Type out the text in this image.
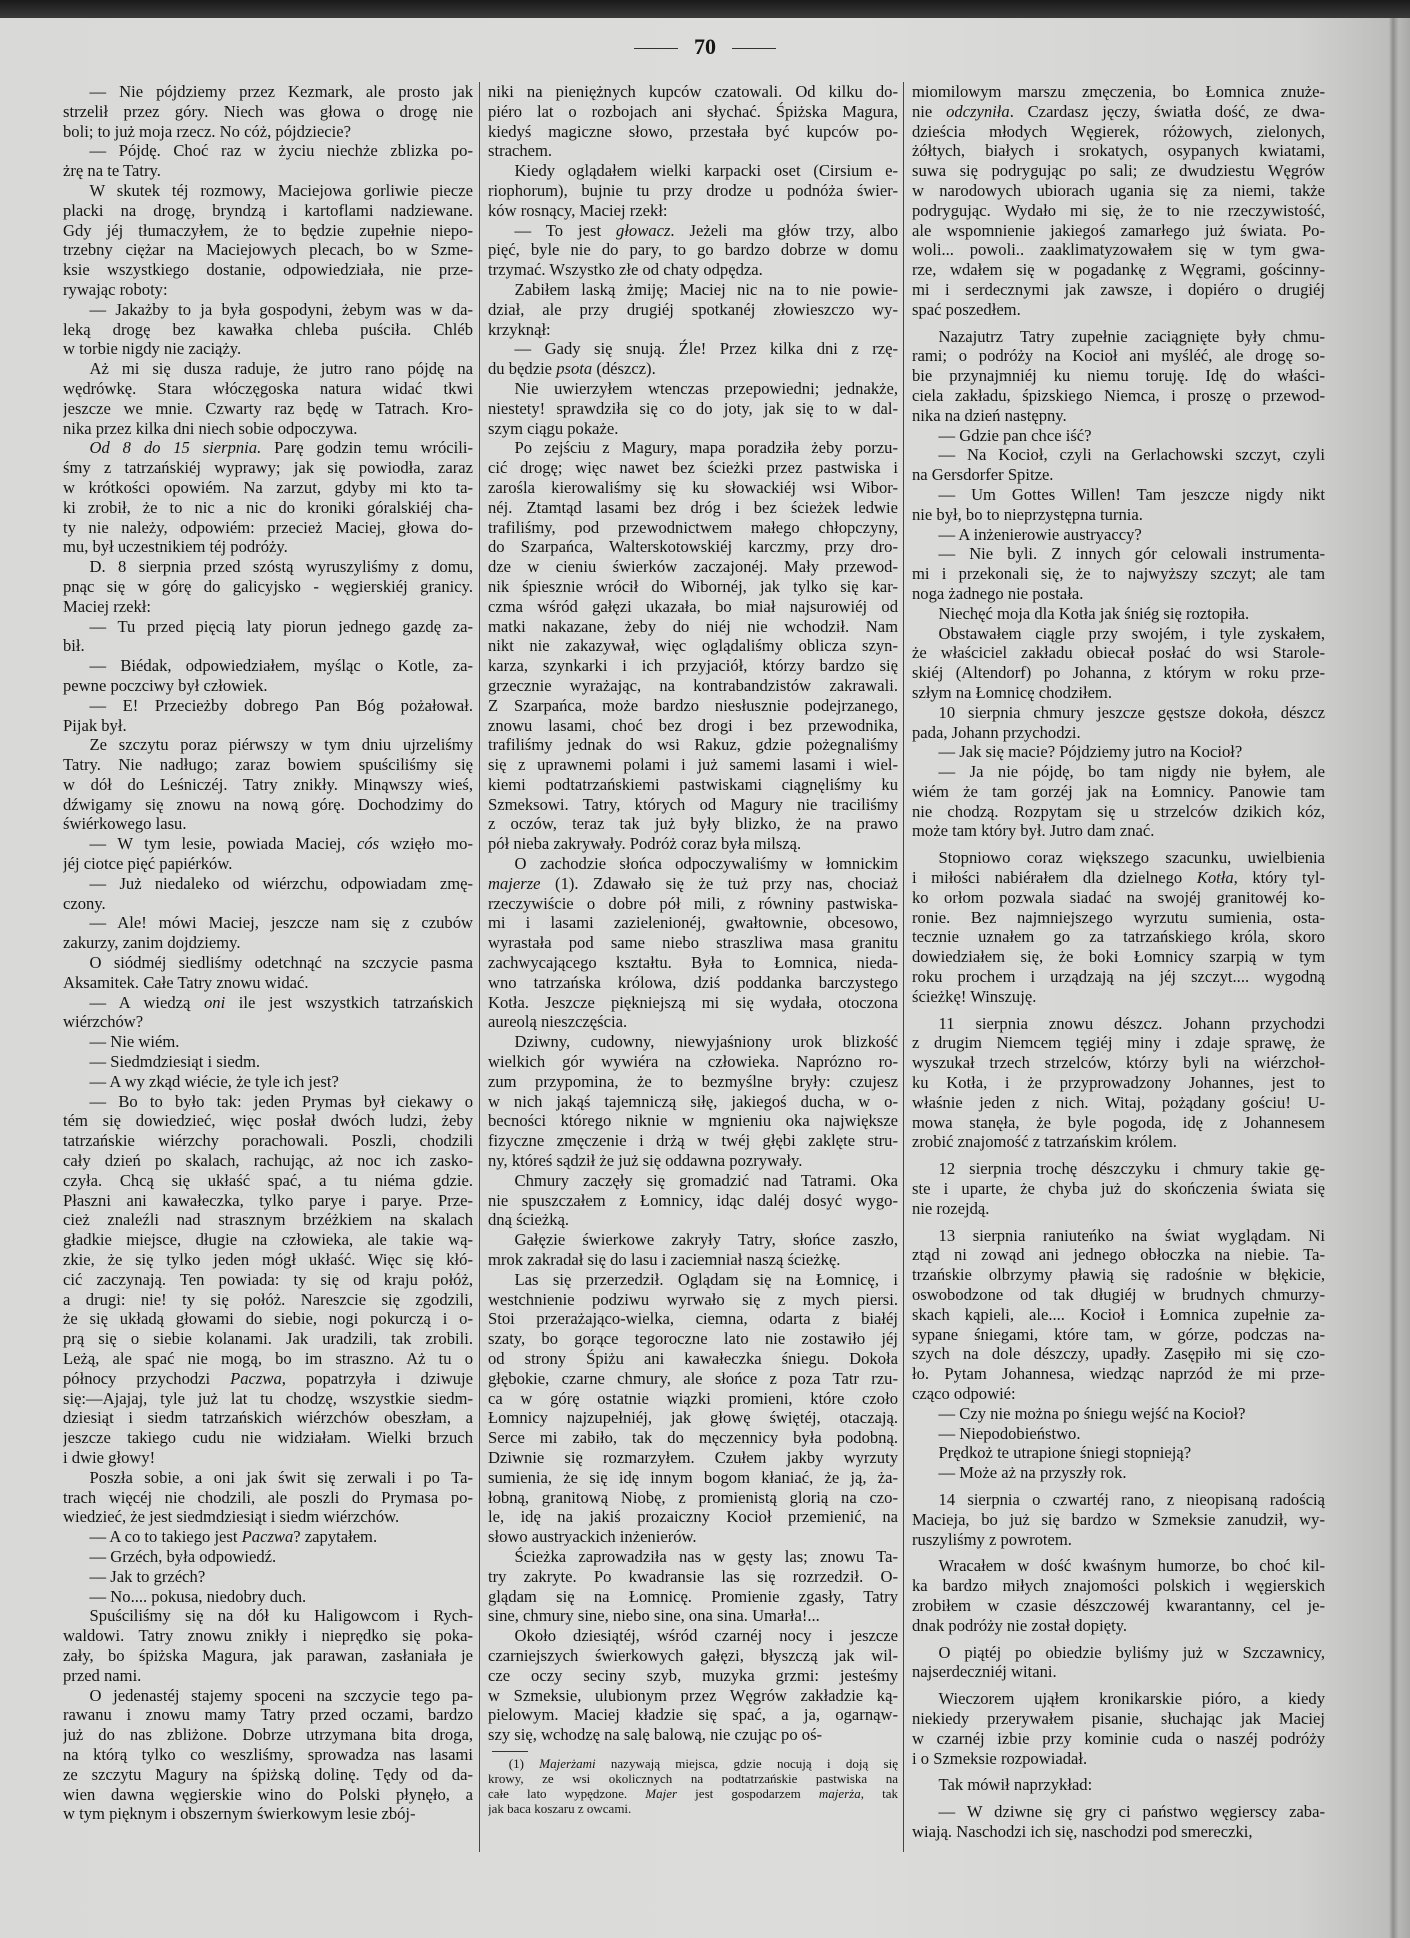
70
— Nie pójdziemy przez Kezmark, ale prosto jak
strzelił przez góry. Niech was głowa o drogę nie
boli; to już moja rzecz. No cóż, pójdziecie?
— Pójdę. Choć raz w życiu niechże zblizka po-
żrę na te Tatry.
W skutek téj rozmowy, Maciejowa gorliwie piecze
placki na drogę, bryndzą i kartoflami nadziewane.
Gdy jéj tłumaczyłem, że to będzie zupełnie niepo-
trzebny ciężar na Maciejowych plecach, bo w Szme-
ksie wszystkiego dostanie, odpowiedziała, nie prze-
rywając roboty:
— Jakażby to ja była gospodyni, żebym was w da-
leką drogę bez kawałka chleba puściła. Chléb
w torbie nigdy nie zaciąży.
Aż mi się dusza raduje, że jutro rano pójdę na
wędrówkę. Stara włóczęgoska natura widać tkwi
jeszcze we mnie. Czwarty raz będę w Tatrach. Kro-
nika przez kilka dni niech sobie odpoczywa.
Od 8 do 15 sierpnia. Parę godzin temu wrócili-
śmy z tatrzańskiéj wyprawy; jak się powiodła, zaraz
w krótkości opowiém. Na zarzut, gdyby mi kto ta-
ki zrobił, że to nic a nic do kroniki góralskiéj cha-
ty nie należy, odpowiém: przecież Maciej, głowa do-
mu, był uczestnikiem téj podróży.
D. 8 sierpnia przed szóstą wyruszyliśmy z domu,
pnąc się w górę do galicyjsko - węgierskiéj granicy.
Maciej rzekł:
— Tu przed pięcią laty piorun jednego gazdę za-
bił.
— Biédak, odpowiedziałem, myśląc o Kotle, za-
pewne poczciwy był człowiek.
— E! Przecieżby dobrego Pan Bóg pożałował.
Pijak był.
Ze szczytu poraz piérwszy w tym dniu ujrzeliśmy
Tatry. Nie nadługo; zaraz bowiem spuściliśmy się
w dół do Leśniczéj. Tatry znikły. Minąwszy wieś,
dźwigamy się znowu na nową górę. Dochodzimy do
świérkowego lasu.
— W tym lesie, powiada Maciej, cós wzięło mo-
jéj ciotce pięć papiérków.
— Już niedaleko od wiérzchu, odpowiadam zmę-
czony.
— Ale! mówi Maciej, jeszcze nam się z czubów
zakurzy, zanim dojdziemy.
O siódméj siedliśmy odetchnąć na szczycie pasma
Aksamitek. Całe Tatry znowu widać.
— A wiedzą oni ile jest wszystkich tatrzańskich
wiérzchów?
— Nie wiém.
— Siedmdziesiąt i siedm.
— A wy zkąd wiécie, że tyle ich jest?
— Bo to było tak: jeden Prymas był ciekawy o
tém się dowiedzieć, więc posłał dwóch ludzi, żeby
tatrzańskie wiérzchy porachowali. Poszli, chodzili
cały dzień po skalach, rachując, aż noc ich zasko-
czyła. Chcą się ukłaść spać, a tu niéma gdzie.
Płaszni ani kawałeczka, tylko parye i parye. Prze-
cież znaleźli nad strasznym brzéżkiem na skalach
gładkie miejsce, długie na człowieka, ale takie wą-
zkie, że się tylko jeden mógł ukłaść. Więc się kłó-
cić zaczynają. Ten powiada: ty się od kraju połóż,
a drugi: nie! ty się połóż. Nareszcie się zgodzili,
że się układą głowami do siebie, nogi pokurczą i o-
prą się o siebie kolanami. Jak uradzili, tak zrobili.
Leżą, ale spać nie mogą, bo im straszno. Aż tu o
północy przychodzi Paczwa, popatrzyła i dziwuje
się:—Ajajaj, tyle już lat tu chodzę, wszystkie siedm-
dziesiąt i siedm tatrzańskich wiérzchów obeszłam, a
jeszcze takiego cudu nie widziałam. Wielki brzuch
i dwie głowy!
Poszła sobie, a oni jak świt się zerwali i po Ta-
trach więcéj nie chodzili, ale poszli do Prymasa po-
wiedzieć, że jest siedmdziesiąt i siedm wiérzchów.
— A co to takiego jest Paczwa? zapytałem.
— Grzéch, była odpowiedź.
— Jak to grzéch?
— No.... pokusa, niedobry duch.
Spuściliśmy się na dół ku Haligowcom i Rych-
waldowi. Tatry znowu znikły i nieprędko się poka-
zały, bo śpiżska Magura, jak parawan, zasłaniała je
przed nami.
O jedenastéj stajemy spoceni na szczycie tego pa-
rawanu i znowu mamy Tatry przed oczami, bardzo
już do nas zbliżone. Dobrze utrzymana bita droga,
na którą tylko co weszliśmy, sprowadza nas lasami
ze szczytu Magury na śpiżską dolinę. Tędy od da-
wien dawna węgierskie wino do Polski płynęło, a
w tym pięknym i obszernym świerkowym lesie zbój-
niki na pieniężnych kupców czatowali. Od kilku do-
piéro lat o rozbojach ani słychać. Śpiżska Magura,
kiedyś magiczne słowo, przestała być kupców po-
strachem.
Kiedy oglądałem wielki karpacki oset (Cirsium e-
riophorum), bujnie tu przy drodze u podnóża świer-
ków rosnący, Maciej rzekł:
— To jest głowacz. Jeżeli ma głów trzy, albo
pięć, byle nie do pary, to go bardzo dobrze w domu
trzymać. Wszystko złe od chaty odpędza.
Zabiłem laską żmiję; Maciej nic na to nie powie-
dział, ale przy drugiéj spotkanéj złowieszczo wy-
krzyknął:
— Gady się snują. Źle! Przez kilka dni z rzę-
du będzie psota (dészcz).
Nie uwierzyłem wtenczas przepowiedni; jednakże,
niestety! sprawdziła się co do joty, jak się to w dal-
szym ciągu pokaże.
Po zejściu z Magury, mapa poradziła żeby porzu-
cić drogę; więc nawet bez ścieżki przez pastwiska i
zarośla kierowaliśmy się ku słowackiéj wsi Wibor-
néj. Ztamtąd lasami bez dróg i bez ścieżek ledwie
trafiliśmy, pod przewodnictwem małego chłopczyny,
do Szarpańca, Walterskotowskiéj karczmy, przy dro-
dze w cieniu świerków zaczajonéj. Mały przewod-
nik śpiesznie wrócił do Wibornéj, jak tylko się kar-
czma wśród gałęzi ukazała, bo miał najsurowiéj od
matki nakazane, żeby do niéj nie wchodził. Nam
nikt nie zakazywał, więc oglądaliśmy oblicza szyn-
karza, szynkarki i ich przyjaciół, którzy bardzo się
grzecznie wyrażając, na kontrabandzistów zakrawali.
Z Szarpańca, może bardzo niesłusznie podejrzanego,
znowu lasami, choć bez drogi i bez przewodnika,
trafiliśmy jednak do wsi Rakuz, gdzie pożegnaliśmy
się z uprawnemi polami i już samemi lasami i wiel-
kiemi podtatrzańskiemi pastwiskami ciągnęliśmy ku
Szmeksowi. Tatry, których od Magury nie traciliśmy
z oczów, teraz tak już były blizko, że na prawo
pół nieba zakrywały. Podróż coraz była milszą.
O zachodzie słońca odpoczywaliśmy w łomnickim
majerze (1). Zdawało się że tuż przy nas, chociaż
rzeczywiście o dobre pół mili, z równiny pastwiska-
mi i lasami zazielenionéj, gwałtownie, obcesowo,
wyrastała pod same niebo straszliwa masa granitu
zachwycającego kształtu. Była to Łomnica, nieda-
wno tatrzańska królowa, dziś poddanka barczystego
Kotła. Jeszcze piękniejszą mi się wydała, otoczona
aureolą nieszczęścia.
Dziwny, cudowny, niewyjaśniony urok blizkość
wielkich gór wywiéra na człowieka. Naprózno ro-
zum przypomina, że to bezmyślne bryły: czujesz
w nich jakąś tajemniczą siłę, jakiegoś ducha, w o-
becności którego niknie w mgnieniu oka największe
fizyczne zmęczenie i drżą w twéj głębi zaklęte stru-
ny, któreś sądził że już się oddawna pozrywały.
Chmury zaczęły się gromadzić nad Tatrami. Oka
nie spuszczałem z Łomnicy, idąc daléj dosyć wygo-
dną ścieżką.
Gałęzie świerkowe zakryły Tatry, słońce zaszło,
mrok zakradał się do lasu i zaciemniał naszą ścieżkę.
Las się przerzedził. Oglądam się na Łomnicę, i
westchnienie podziwu wyrwało się z mych piersi.
Stoi przerażająco-wielka, ciemna, odarta z białéj
szaty, bo gorące tegoroczne lato nie zostawiło jéj
od strony Śpiżu ani kawałeczka śniegu. Dokoła
głębokie, czarne chmury, ale słońce z poza Tatr rzu-
ca w górę ostatnie wiązki promieni, które czoło
Łomnicy najzupełniéj, jak głowę świętéj, otaczają.
Serce mi zabiło, tak do męczennicy była podobną.
Dziwnie się rozmarzyłem. Czułem jakby wyrzuty
sumienia, że się idę innym bogom kłaniać, że ją, ża-
łobną, granitową Niobę, z promienistą glorią na czo-
le, idę na jakiś prozaiczny Kocioł przemienić, na
słowo austryackich inżenierów.
Ścieżka zaprowadziła nas w gęsty las; znowu Ta-
try zakryte. Po kwadransie las się rozrzedził. O-
glądam się na Łomnicę. Promienie zgasły, Tatry
sine, chmury sine, niebo sine, ona sina. Umarła!...
Około dziesiątéj, wśród czarnéj nocy i jeszcze
czarniejszych świerkowych gałęzi, błyszczą jak wil-
cze oczy seciny szyb, muzyka grzmi: jesteśmy
w Szmeksie, ulubionym przez Węgrów zakładzie ką-
pielowym. Maciej kładzie się spać, a ja, ogarnąw-
szy się, wchodzę na salę balową, nie czując po oś-
(1) Majerżami nazywają miejsca, gdzie nocują i doją się
krowy, ze wsi okolicznych na podtatrzańskie pastwiska na
całe lato wypędzone. Majer jest gospodarzem majerża, tak
jak baca koszaru z owcami.
miomilowym marszu zmęczenia, bo Łomnica znuże-
nie odczyniła. Czardasz jęczy, światła dość, ze dwa-
dzieścia młodych Węgierek, różowych, zielonych,
żółtych, białych i srokatych, osypanych kwiatami,
suwa się podrygując po sali; ze dwudziestu Węgrów
w narodowych ubiorach ugania się za niemi, także
podrygując. Wydało mi się, że to nie rzeczywistość,
ale wspomnienie jakiegoś zamarłego już świata. Po-
woli... powoli.. zaaklimatyzowałem się w tym gwa-
rze, wdałem się w pogadankę z Węgrami, gościnny-
mi i serdecznymi jak zawsze, i dopiéro o drugiéj
spać poszedłem.
Nazajutrz Tatry zupełnie zaciągnięte były chmu-
rami; o podróży na Kocioł ani myśléć, ale drogę so-
bie przynajmniéj ku niemu toruję. Idę do właści-
ciela zakładu, śpizskiego Niemca, i proszę o przewod-
nika na dzień następny.
— Gdzie pan chce iść?
— Na Kocioł, czyli na Gerlachowski szczyt, czyli
na Gersdorfer Spitze.
— Um Gottes Willen! Tam jeszcze nigdy nikt
nie był, bo to nieprzystępna turnia.
— A inżenierowie austryaccy?
— Nie byli. Z innych gór celowali instrumenta-
mi i przekonali się, że to najwyższy szczyt; ale tam
noga żadnego nie postała.
Niechęć moja dla Kotła jak śniég się roztopiła.
Obstawałem ciągle przy swojém, i tyle zyskałem,
że właściciel zakładu obiecał posłać do wsi Starole-
skiéj (Altendorf) po Johanna, z którym w roku prze-
szłym na Łomnicę chodziłem.
10 sierpnia chmury jeszcze gęstsze dokoła, dészcz
pada, Johann przychodzi.
— Jak się macie? Pójdziemy jutro na Kocioł?
— Ja nie pójdę, bo tam nigdy nie byłem, ale
wiém że tam gorzéj jak na Łomnicy. Panowie tam
nie chodzą. Rozpytam się u strzelców dzikich kóz,
może tam który był. Jutro dam znać.
Stopniowo coraz większego szacunku, uwielbienia
i miłości nabiérałem dla dzielnego Kotła, który tyl-
ko orłom pozwala siadać na swojéj granitowéj ko-
ronie. Bez najmniejszego wyrzutu sumienia, osta-
tecznie uznałem go za tatrzańskiego króla, skoro
dowiedziałem się, że boki Łomnicy szarpią w tym
roku prochem i urządzają na jéj szczyt.... wygodną
ścieżkę! Winszuję.
11 sierpnia znowu dészcz. Johann przychodzi
z drugim Niemcem tęgiéj miny i zdaje sprawę, że
wyszukał trzech strzelców, którzy byli na wiérzchoł-
ku Kotła, i że przyprowadzony Johannes, jest to
właśnie jeden z nich. Witaj, pożądany gościu! U-
mowa stanęła, że byle pogoda, idę z Johannesem
zrobić znajomość z tatrzańskim królem.
12 sierpnia trochę dészczyku i chmury takie gę-
ste i uparte, że chyba już do skończenia świata się
nie rozejdą.
13 sierpnia raniuteńko na świat wyglądam. Ni
ztąd ni zowąd ani jednego obłoczka na niebie. Ta-
trzańskie olbrzymy pławią się radośnie w błękicie,
oswobodzone od tak długiéj w brudnych chmurzy-
skach kąpieli, ale.... Kocioł i Łomnica zupełnie za-
sypane śniegami, które tam, w górze, podczas na-
szych na dole dészczy, upadły. Zasępiło mi się czo-
ło. Pytam Johannesa, wiedząc naprzód że mi prze-
cząco odpowié:
— Czy nie można po śniegu wejść na Kocioł?
— Niepodobieństwo.
Prędkoż te utrapione śniegi stopnieją?
— Może aż na przyszły rok.
14 sierpnia o czwartéj rano, z nieopisaną radością
Macieja, bo już się bardzo w Szmeksie zanudził, wy-
ruszyliśmy z powrotem.
Wracałem w dość kwaśnym humorze, bo choć kil-
ka bardzo miłych znajomości polskich i węgierskich
zrobiłem w czasie dészczowéj kwarantanny, cel je-
dnak podróży nie został dopięty.
O piątéj po obiedzie byliśmy już w Szczawnicy,
najserdeczniéj witani.
Wieczorem ująłem kronikarskie pióro, a kiedy
niekiedy przerywałem pisanie, słuchając jak Maciej
w czarnéj izbie przy kominie cuda o naszéj podróży
i o Szmeksie rozpowiadał.
Tak mówił naprzykład:
— W dziwne się gry ci państwo węgierscy zaba-
wiają. Naschodzi ich się, naschodzi pod smereczki,
